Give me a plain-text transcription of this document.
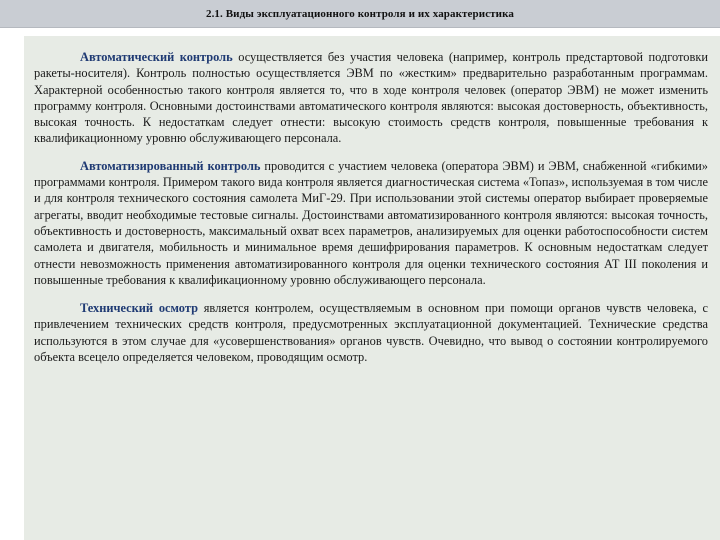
2.1. Виды эксплуатационного контроля и их характеристика

Автоматический контроль осуществляется без участия человека (например, контроль предстартовой подготовки ракеты-носителя). Контроль полностью осуществляется ЭВМ по «жестким» предварительно разработанным программам. Характерной особенностью такого контроля является то, что в ходе контроля человек (оператор ЭВМ) не может изменить программу контроля. Основными достоинствами автоматического контроля являются: высокая достоверность, объективность, высокая точность. К недостаткам следует отнести: высокую стоимость средств контроля, повышенные требования к квалификационному уровню обслуживающего персонала.

Автоматизированный контроль проводится с участием человека (оператора ЭВМ) и ЭВМ, снабженной «гибкими» программами контроля. Примером такого вида контроля является диагностическая система «Топаз», используемая в том числе и для контроля технического состояния самолета МиГ-29. При использовании этой системы оператор выбирает проверяемые агрегаты, вводит необходимые тестовые сигналы. Достоинствами автоматизированного контроля являются: высокая точность, объективность и достоверность, максимальный охват всех параметров, анализируемых для оценки работоспособности систем самолета и двигателя, мобильность и минимальное время дешифрирования параметров. К основным недостаткам следует отнести невозможность применения автоматизированного контроля для оценки технического состояния АТ III поколения и повышенные требования к квалификационному уровню обслуживающего персонала.

Технический осмотр является контролем, осуществляемым в основном при помощи органов чувств человека, с привлечением технических средств контроля, предусмотренных эксплуатационной документацией. Технические средства используются в этом случае для «усовершенствования» органов чувств. Очевидно, что вывод о состоянии контролируемого объекта всецело определяется человеком, проводящим осмотр.
